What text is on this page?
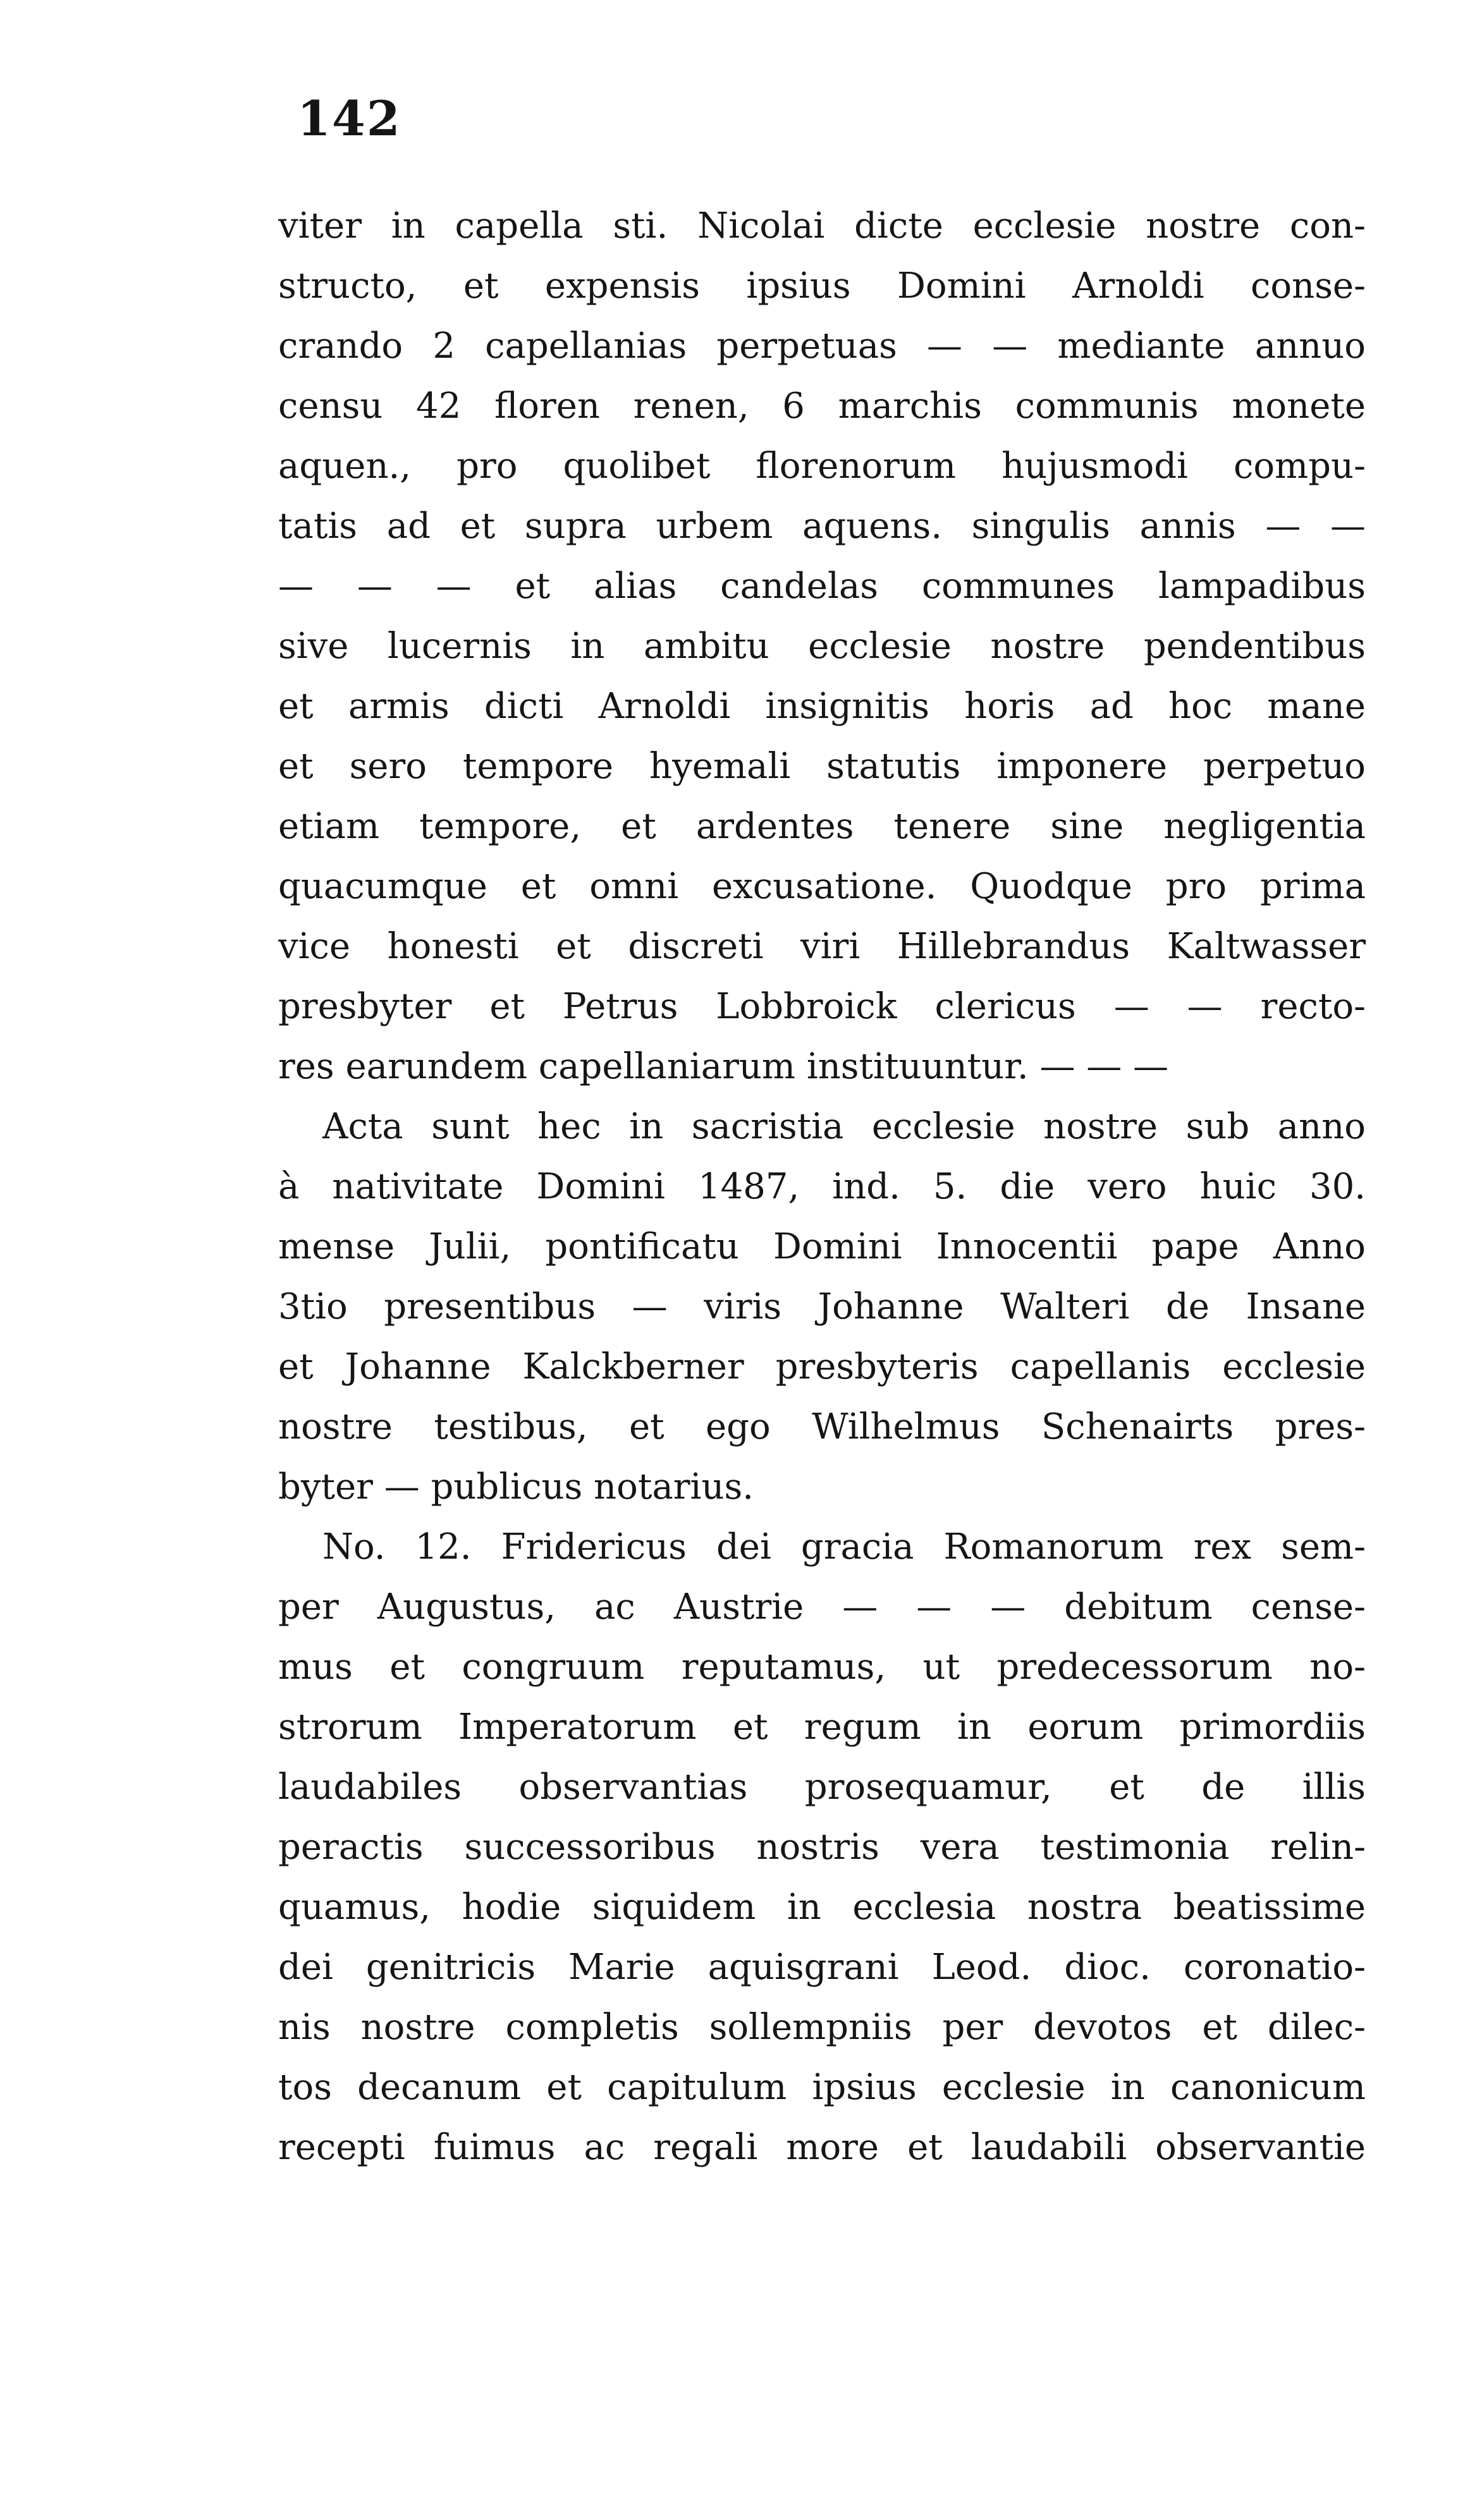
142
viter in capella sti. Nicolai dicte ecclesie nostre con-
structo, et expensis ipsius Domini Arnoldi conse-
crando 2 capellanias perpetuas — — mediante annuo
censu 42 floren renen, 6 marchis communis monete
aquen., pro quolibet florenorum hujusmodi compu-
tatis ad et supra urbem aquens. singulis annis — —
— — — et alias candelas communes lampadibus
sive lucernis in ambitu ecclesie nostre pendentibus
et armis dicti Arnoldi insignitis horis ad hoc mane
et sero tempore hyemali statutis imponere perpetuo
etiam tempore, et ardentes tenere sine negligentia
quacumque et omni excusatione. Quodque pro prima
vice honesti et discreti viri Hillebrandus Kaltwasser
presbyter et Petrus Lobbroick clericus — — recto-
res earundem capellaniarum instituuntur. — — —
Acta sunt hec in sacristia ecclesie nostre sub anno
à nativitate Domini 1487, ind. 5. die vero huic 30.
mense Julii, pontificatu Domini Innocentii pape Anno
3tio presentibus — viris Johanne Walteri de Insane
et Johanne Kalckberner presbyteris capellanis ecclesie
nostre testibus, et ego Wilhelmus Schenairts pres-
byter — publicus notarius.
No. 12. Fridericus dei gracia Romanorum rex sem-
per Augustus, ac Austrie — — — debitum cense-
mus et congruum reputamus, ut predecessorum no-
strorum Imperatorum et regum in eorum primordiis
laudabiles observantias prosequamur, et de illis
peractis successoribus nostris vera testimonia relin-
quamus, hodie siquidem in ecclesia nostra beatissime
dei genitricis Marie aquisgrani Leod. dioc. coronatio-
nis nostre completis sollempniis per devotos et dilec-
tos decanum et capitulum ipsius ecclesie in canonicum
recepti fuimus ac regali more et laudabili observantie
